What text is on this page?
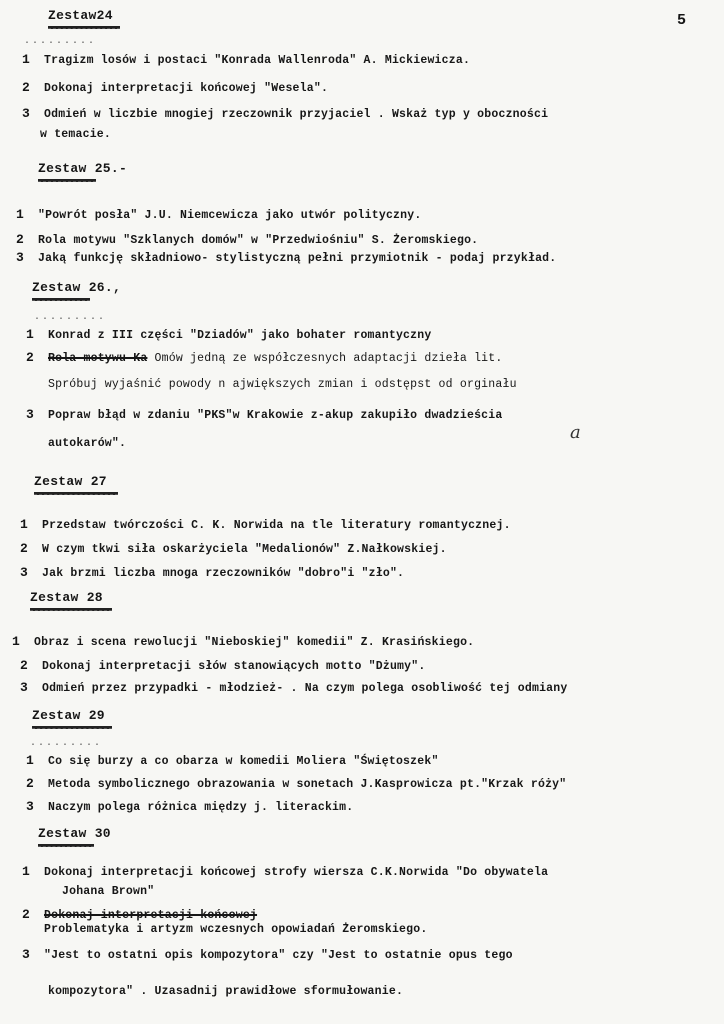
5
Zestaw24
.........
1 Tragizm losów i postaci "Konrada Wallenroda" A. Mickiewicza.
2 Dokonaj interpretacji końcowej "Wesela".
3 Odmień w liczbie mnogiej rzeczownik przyjaciel . Wskaż typ y oboczności
w temacie.
Zestaw 25.-
1 "Powrót posła" J.U. Niemcewicza jako utwór polityczny.
2 Rola motywu "Szklanych domów" w "Przedwiośniu" S. Żeromskiego.
3 Jaką funkcję składniowo- stylistyczną pełni przymiotnik - podaj przykład.
Zestaw 26.,
.........
1 Konrad z III części "Dziadów" jako bohater romantyczny
2 Rola motywu Ka Omów jedną ze współczesnych adaptacji dzieła lit.
Spróbuj wyjaśnić powody n ajwiększych zmian i odstępst od orginału
3 Popraw błąd w zdaniu "PKS"w Krakowie z-akup zakupiło dwadzieścia
autokarów".
a
Zestaw 27
1 Przedstaw twórczości C. K. Norwida na tle literatury romantycznej.
2 W czym tkwi siła oskarżyciela "Medalionów" Z.Nałkowskiej.
3 Jak brzmi liczba mnoga rzeczowników "dobro"i "zło".
Zestaw 28
1 Obraz i scena rewolucji "Nieboskiej" komedii" Z. Krasińskiego.
2 Dokonaj interpretacji słów stanowiących motto "Dżumy".
3 Odmień przez przypadki - młodzież- . Na czym polega osobliwość tej odmiany
Zestaw 29
.........
1 Co się burzy a co obarza w komedii Moliera "Świętoszek"
2 Metoda symbolicznego obrazowania w sonetach J.Kasprowicza pt."Krzak róży"
3 Naczym polega różnica między j. literackim.
Zestaw 30
1 Dokonaj interpretacji końcowej strofy wiersza C.K.Norwida "Do obywatela
Johana Brown"
2 Dokonaj interpretacji końcowej
Problematyka i artyzm wczesnych opowiadań Żeromskiego.
3 "Jest to ostatni opis kompozytora" czy "Jest to ostatnie opus tego
kompozytora" . Uzasadnij prawidłowe sformułowanie.
